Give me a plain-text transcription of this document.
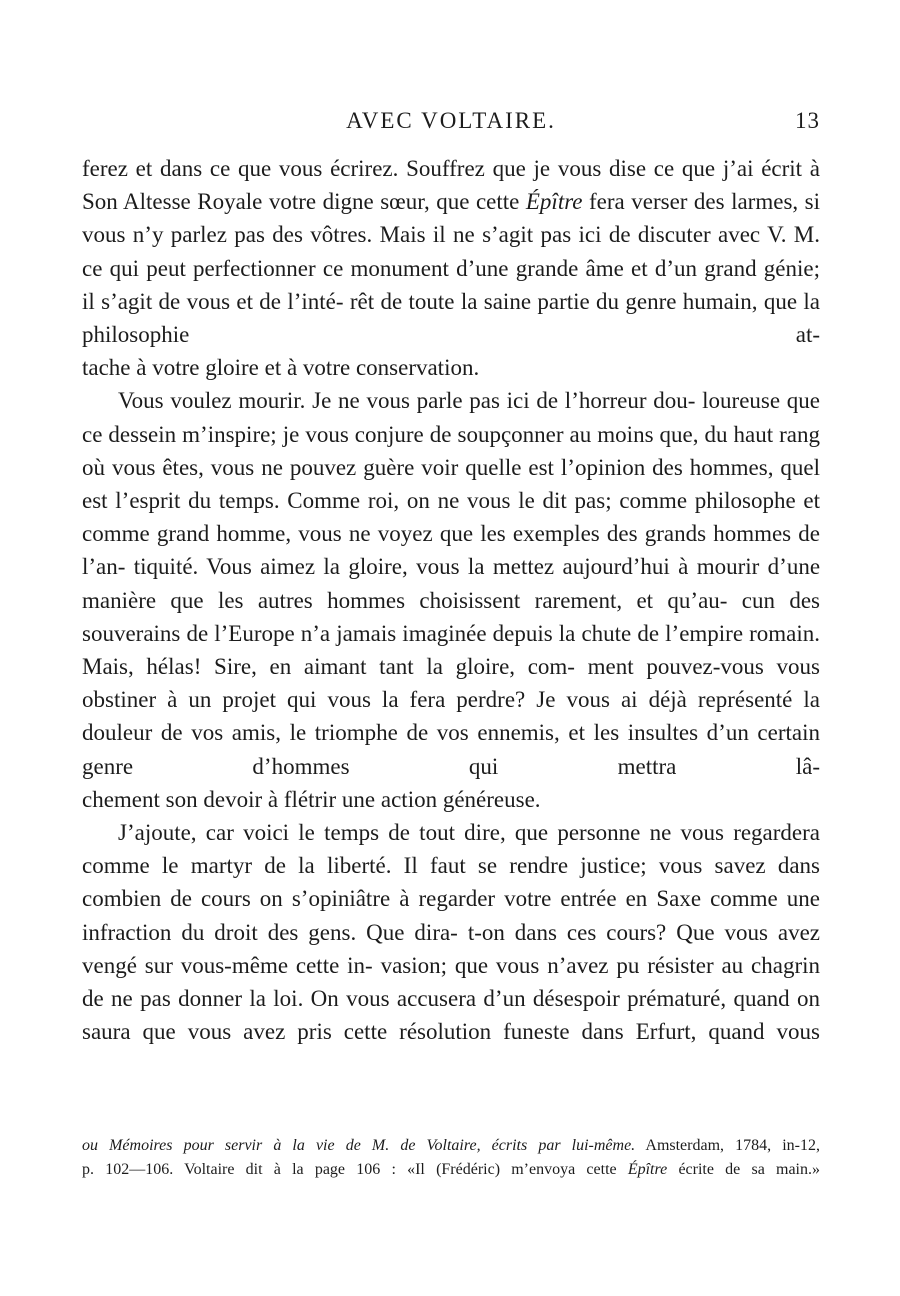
AVEC VOLTAIRE.	13

ferez et dans ce que vous écrirez. Souffrez que je vous dise ce que j’ai écrit à Son Altesse Royale votre digne sœur, que cette Épître fera verser des larmes, si vous n’y parlez pas des vôtres. Mais il ne s’agit pas ici de discuter avec V. M. ce qui peut perfectionner ce monument d’une grande âme et d’un grand génie; il s’agit de vous et de l’inté- rêt de toute la saine partie du genre humain, que la philosophie at-

tache à votre gloire et à votre conservation.

Vous voulez mourir. Je ne vous parle pas ici de l’horreur dou- loureuse que ce dessein m’inspire; je vous conjure de soupçonner au moins que, du haut rang où vous êtes, vous ne pouvez guère voir quelle est l’opinion des hommes, quel est l’esprit du temps. Comme roi, on ne vous le dit pas; comme philosophe et comme grand homme, vous ne voyez que les exemples des grands hommes de l’an- tiquité. Vous aimez la gloire, vous la mettez aujourd’hui à mourir d’une manière que les autres hommes choisissent rarement, et qu’au- cun des souverains de l’Europe n’a jamais imaginée depuis la chute de l’empire romain. Mais, hélas! Sire, en aimant tant la gloire, com- ment pouvez-vous vous obstiner à un projet qui vous la fera perdre? Je vous ai déjà représenté la douleur de vos amis, le triomphe de vos ennemis, et les insultes d’un certain genre d’hommes qui mettra lâ-

chement son devoir à flétrir une action généreuse.

J’ajoute, car voici le temps de tout dire, que personne ne vous regardera comme le martyr de la liberté. Il faut se rendre justice; vous savez dans combien de cours on s’opiniâtre à regarder votre entrée en Saxe comme une infraction du droit des gens. Que dira- t-on dans ces cours? Que vous avez vengé sur vous-même cette in- vasion; que vous n’avez pu résister au chagrin de ne pas donner la loi. On vous accusera d’un désespoir prématuré, quand on saura que vous avez pris cette résolution funeste dans Erfurt, quand vous

ou Mémoires pour servir à la vie de M. de Voltaire, écrits par lui-même. Amsterdam, 1784, in-12,
p. 102—106. Voltaire dit à la page 106 : «Il (Frédéric) m’envoya cette Épître écrite de sa main.»
